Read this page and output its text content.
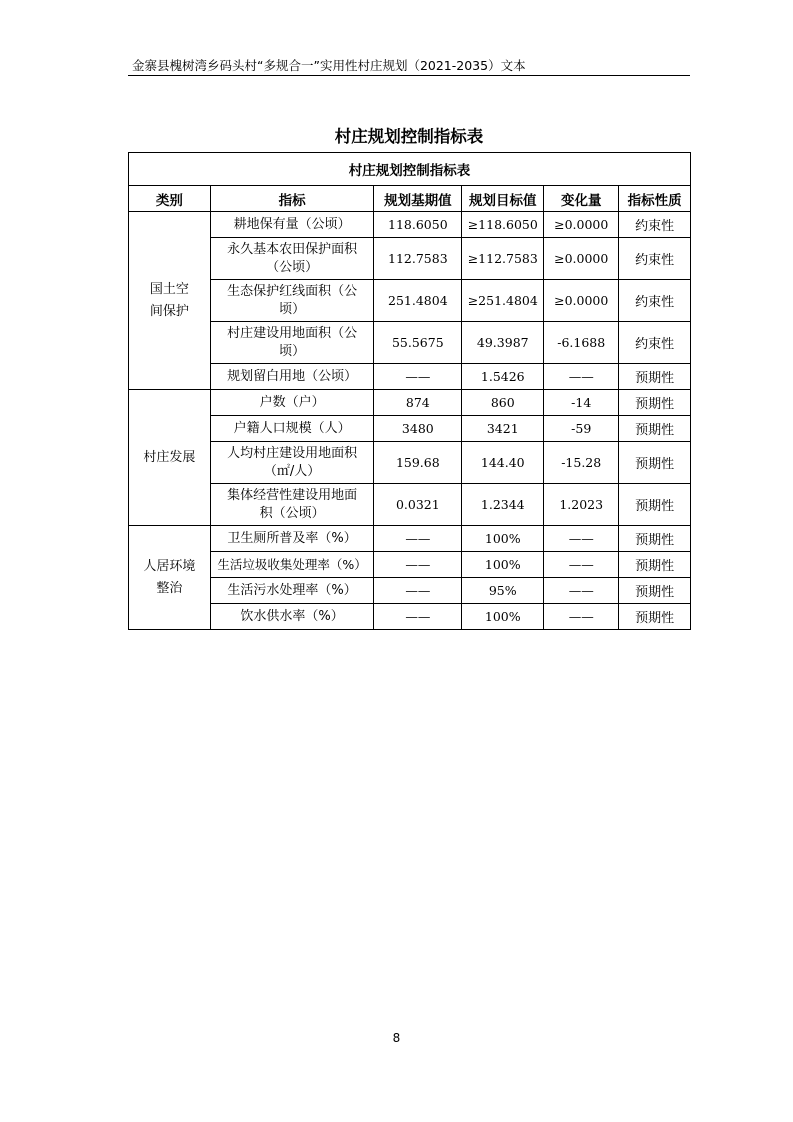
金寨县槐树湾乡码头村“多规合一”实用性村庄规划（2021-2035）文本
村庄规划控制指标表
村庄规划控制指标表					
类别	指标	规划基期值	规划目标值	变化量	指标性质
国土空间保护	耕地保有量（公顷）	118.6050	≥118.6050	≥0.0000	约束性
	永久基本农田保护面积（公顷）	112.7583	≥112.7583	≥0.0000	约束性
	生态保护红线面积（公顷）	251.4804	≥251.4804	≥0.0000	约束性
	村庄建设用地面积（公顷）	55.5675	49.3987	-6.1688	约束性
	规划留白用地（公顷）	——	1.5426	——	预期性
村庄发展	户数（户）	874	860	-14	预期性
	户籍人口规模（人）	3480	3421	-59	预期性
	人均村庄建设用地面积（㎡/人）	159.68	144.40	-15.28	预期性
	集体经营性建设用地面积（公顷）	0.0321	1.2344	1.2023	预期性
人居环境整治	卫生厕所普及率（%）	——	100%	——	预期性
	生活垃圾收集处理率（%）	——	100%	——	预期性
	生活污水处理率（%）	——	95%	——	预期性
	饮水供水率（%）	——	100%	——	预期性
8
